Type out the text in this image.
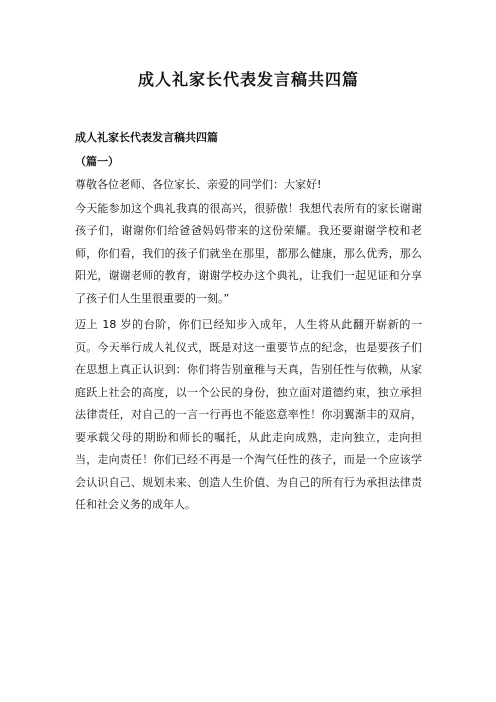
成人礼家长代表发言稿共四篇

成人礼家长代表发言稿共四篇

（篇一）

尊敬各位老师、各位家长、亲爱的同学们：大家好!

今天能参加这个典礼我真的很高兴，很骄傲！我想代表所有的家长谢谢孩子们，谢谢你们给爸爸妈妈带来的这份荣耀。我还要谢谢学校和老师，你们看，我们的孩子们就坐在那里，都那么健康，那么优秀，那么阳光，谢谢老师的教育，谢谢学校办这个典礼，让我们一起见证和分享了孩子们人生里很重要的一刻。”

迈上 18 岁的台阶，你们已经知步入成年，人生将从此翻开崭新的一页。今天举行成人礼仪式，既是对这一重要节点的纪念，也是要孩子们在思想上真正认识到：你们将告别童稚与天真，告别任性与依赖，从家庭跃上社会的高度，以一个公民的身份，独立面对道德约束，独立承担法律责任，对自己的一言一行再也不能恣意率性！你羽翼渐丰的双肩，要承载父母的期盼和师长的嘱托，从此走向成熟，走向独立，走向担当，走向责任！你们已经不再是一个淘气任性的孩子，而是一个应该学会认识自己、规划未来、创造人生价值、为自己的所有行为承担法律责任和社会义务的成年人。
